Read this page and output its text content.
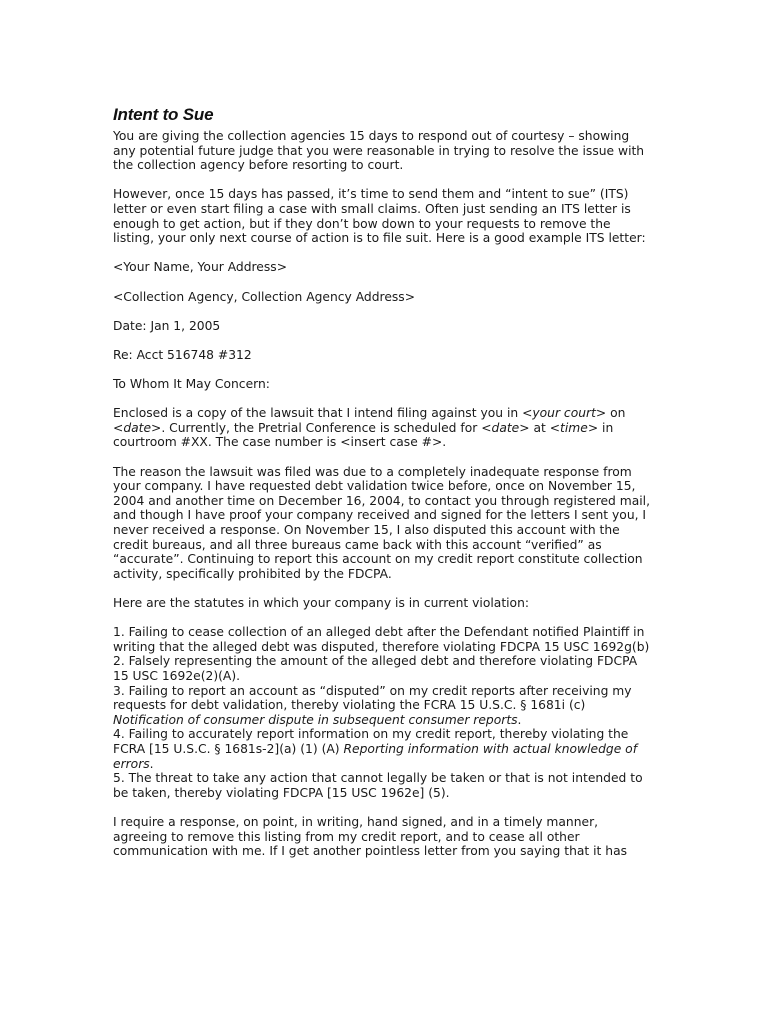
Intent to Sue

You are giving the collection agencies 15 days to respond out of courtesy – showing any potential future judge that you were reasonable in trying to resolve the issue with the collection agency before resorting to court.

However, once 15 days has passed, it’s time to send them and “intent to sue” (ITS) letter or even start filing a case with small claims. Often just sending an ITS letter is enough to get action, but if they don’t bow down to your requests to remove the listing, your only next course of action is to file suit. Here is a good example ITS letter:

<Your Name, Your Address>

<Collection Agency, Collection Agency Address>

Date: Jan 1, 2005

Re: Acct 516748 #312

To Whom It May Concern:

Enclosed is a copy of the lawsuit that I intend filing against you in <your court> on <date>. Currently, the Pretrial Conference is scheduled for <date> at <time> in courtroom #XX. The case number is <insert case #>.

The reason the lawsuit was filed was due to a completely inadequate response from your company. I have requested debt validation twice before, once on November 15, 2004 and another time on December 16, 2004, to contact you through registered mail, and though I have proof your company received and signed for the letters I sent you, I never received a response. On November 15, I also disputed this account with the credit bureaus, and all three bureaus came back with this account “verified” as “accurate”. Continuing to report this account on my credit report constitute collection activity, specifically prohibited by the FDCPA.

Here are the statutes in which your company is in current violation:

1. Failing to cease collection of an alleged debt after the Defendant notified Plaintiff in writing that the alleged debt was disputed, therefore violating FDCPA 15 USC 1692g(b)

2. Falsely representing the amount of the alleged debt and therefore violating FDCPA 15 USC 1692e(2)(A).

3. Failing to report an account as “disputed” on my credit reports after receiving my requests for debt validation, thereby violating the FCRA 15 U.S.C. § 1681i (c) Notification of consumer dispute in subsequent consumer reports.

4. Failing to accurately report information on my credit report, thereby violating the FCRA [15 U.S.C. § 1681s-2](a) (1) (A) Reporting information with actual knowledge of errors.

5. The threat to take any action that cannot legally be taken or that is not intended to be taken, thereby violating FDCPA [15 USC 1962e] (5).

I require a response, on point, in writing, hand signed, and in a timely manner, agreeing to remove this listing from my credit report, and to cease all other communication with me. If I get another pointless letter from you saying that it has
